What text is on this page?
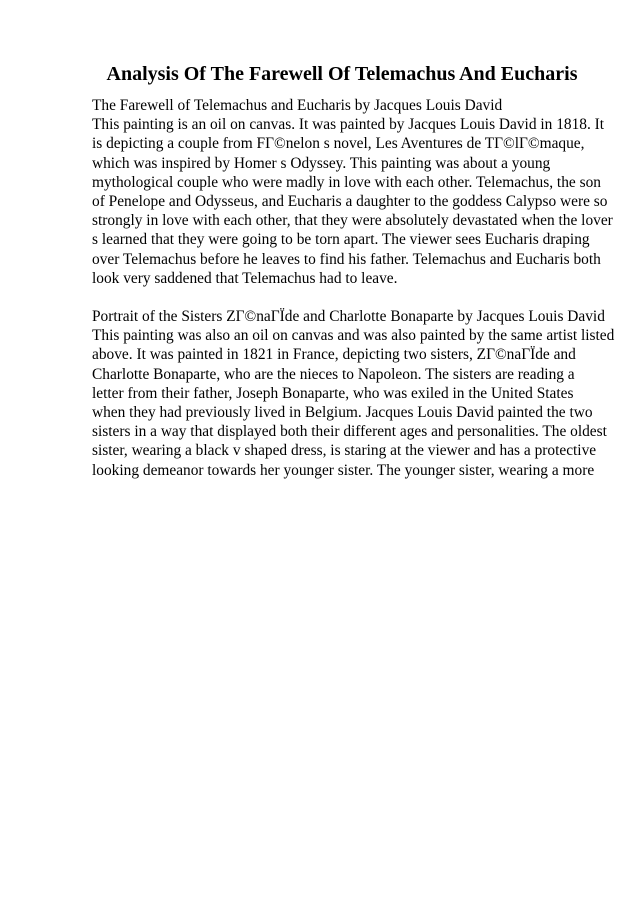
Analysis Of The Farewell Of Telemachus And Eucharis
The Farewell of Telemachus and Eucharis by Jacques Louis David
This painting is an oil on canvas. It was painted by Jacques Louis David in 1818. It
is depicting a couple from FΓ©nelon s novel, Les Aventures de TΓ©lΓ©maque,
which was inspired by Homer s Odyssey. This painting was about a young
mythological couple who were madly in love with each other. Telemachus, the son
of Penelope and Odysseus, and Eucharis a daughter to the goddess Calypso were so
strongly in love with each other, that they were absolutely devastated when the lover
s learned that they were going to be torn apart. The viewer sees Eucharis draping
over Telemachus before he leaves to find his father. Telemachus and Eucharis both
look very saddened that Telemachus had to leave.
Portrait of the Sisters ZΓ©naΓЇde and Charlotte Bonaparte by Jacques Louis David
This painting was also an oil on canvas and was also painted by the same artist listed
above. It was painted in 1821 in France, depicting two sisters, ZΓ©naΓЇde and
Charlotte Bonaparte, who are the nieces to Napoleon. The sisters are reading a
letter from their father, Joseph Bonaparte, who was exiled in the United States
when they had previously lived in Belgium. Jacques Louis David painted the two
sisters in a way that displayed both their different ages and personalities. The oldest
sister, wearing a black v shaped dress, is staring at the viewer and has a protective
looking demeanor towards her younger sister. The younger sister, wearing a more
